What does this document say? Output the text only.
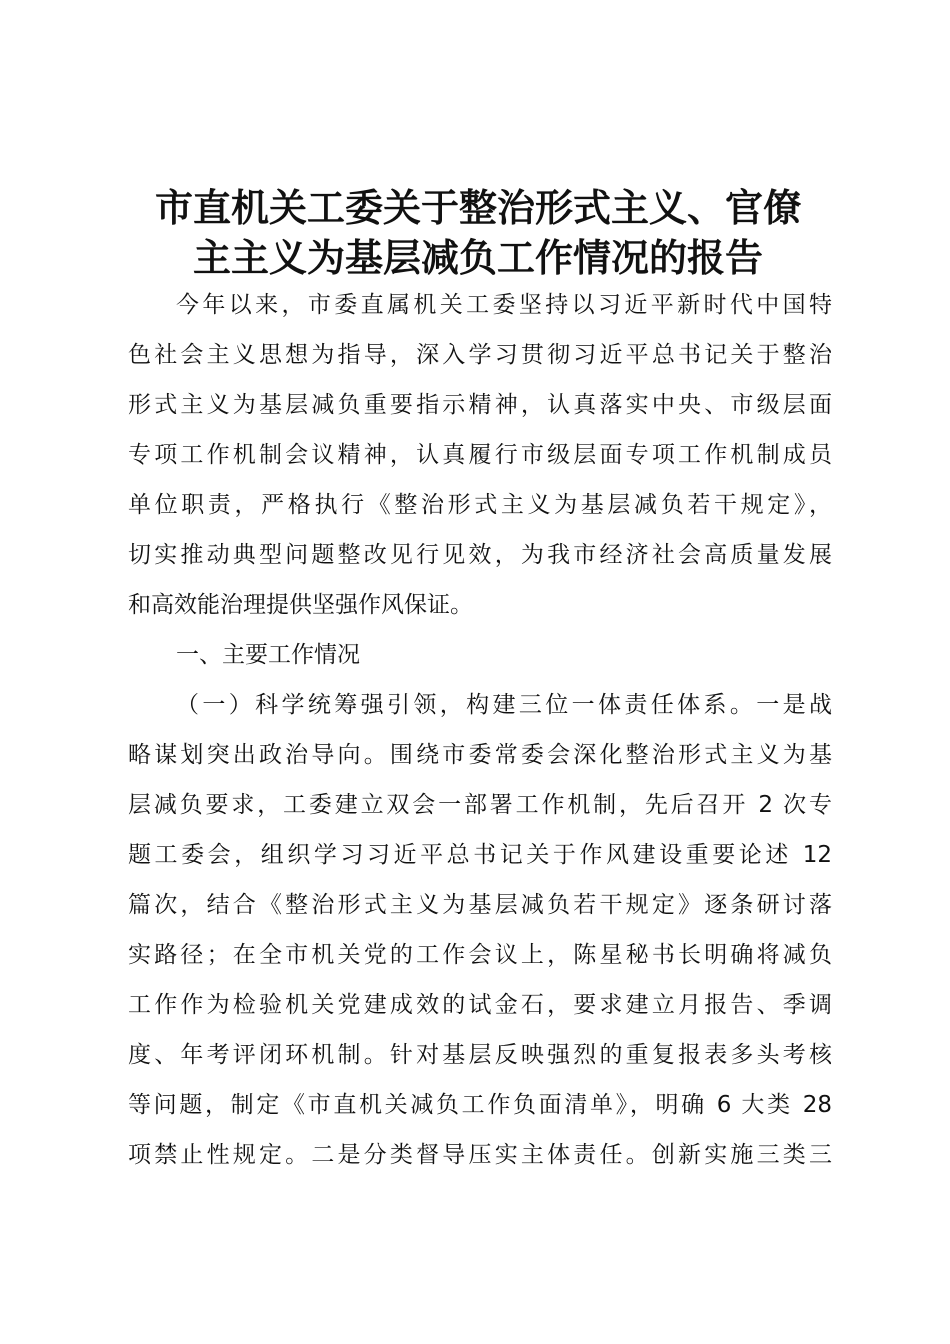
市直机关工委关于整治形式主义、官僚
主主义为基层减负工作情况的报告
今年以来，市委直属机关工委坚持以习近平新时代中国特
色社会主义思想为指导，深入学习贯彻习近平总书记关于整治
形式主义为基层减负重要指示精神，认真落实中央、市级层面
专项工作机制会议精神，认真履行市级层面专项工作机制成员
单位职责，严格执行《整治形式主义为基层减负若干规定》，
切实推动典型问题整改见行见效，为我市经济社会高质量发展
和高效能治理提供坚强作风保证。
一、主要工作情况
（一）科学统筹强引领，构建三位一体责任体系。一是战
略谋划突出政治导向。围绕市委常委会深化整治形式主义为基
层减负要求，工委建立双会一部署工作机制，先后召开 2 次专
题工委会，组织学习习近平总书记关于作风建设重要论述 12
篇次，结合《整治形式主义为基层减负若干规定》逐条研讨落
实路径；在全市机关党的工作会议上，陈星秘书长明确将减负
工作作为检验机关党建成效的试金石，要求建立月报告、季调
度、年考评闭环机制。针对基层反映强烈的重复报表多头考核
等问题，制定《市直机关减负工作负面清单》，明确 6 大类 28
项禁止性规定。二是分类督导压实主体责任。创新实施三类三
